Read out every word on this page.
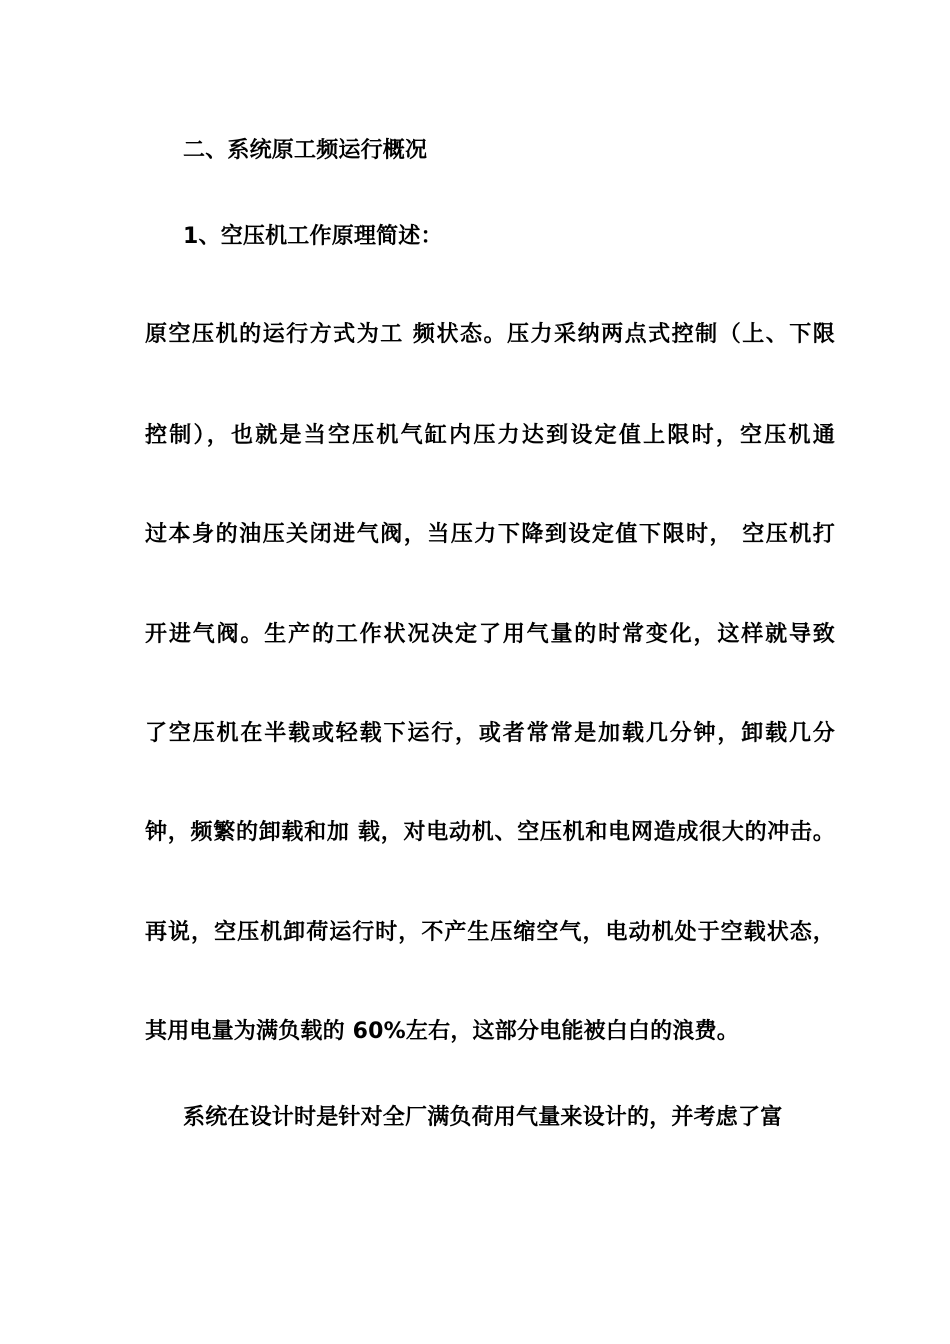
二、系统原工频运行概况
1、空压机工作原理简述：
原空压机的运行方式为工 频状态。压力采纳两点式控制（上、下限
控制），也就是当空压机气缸内压力达到设定值上限时，空压机通
过本身的油压关闭进气阀，当压力下降到设定值下限时， 空压机打
开进气阀。生产的工作状况决定了用气量的时常变化，这样就导致
了空压机在半载或轻载下运行，或者常常是加载几分钟，卸载几分
钟，频繁的卸载和加 载，对电动机、空压机和电网造成很大的冲击。
再说，空压机卸荷运行时，不产生压缩空气，电动机处于空载状态，
其用电量为满负载的 60%左右，这部分电能被白白的浪费。
系统在设计时是针对全厂满负荷用气量来设计的，并考虑了富
